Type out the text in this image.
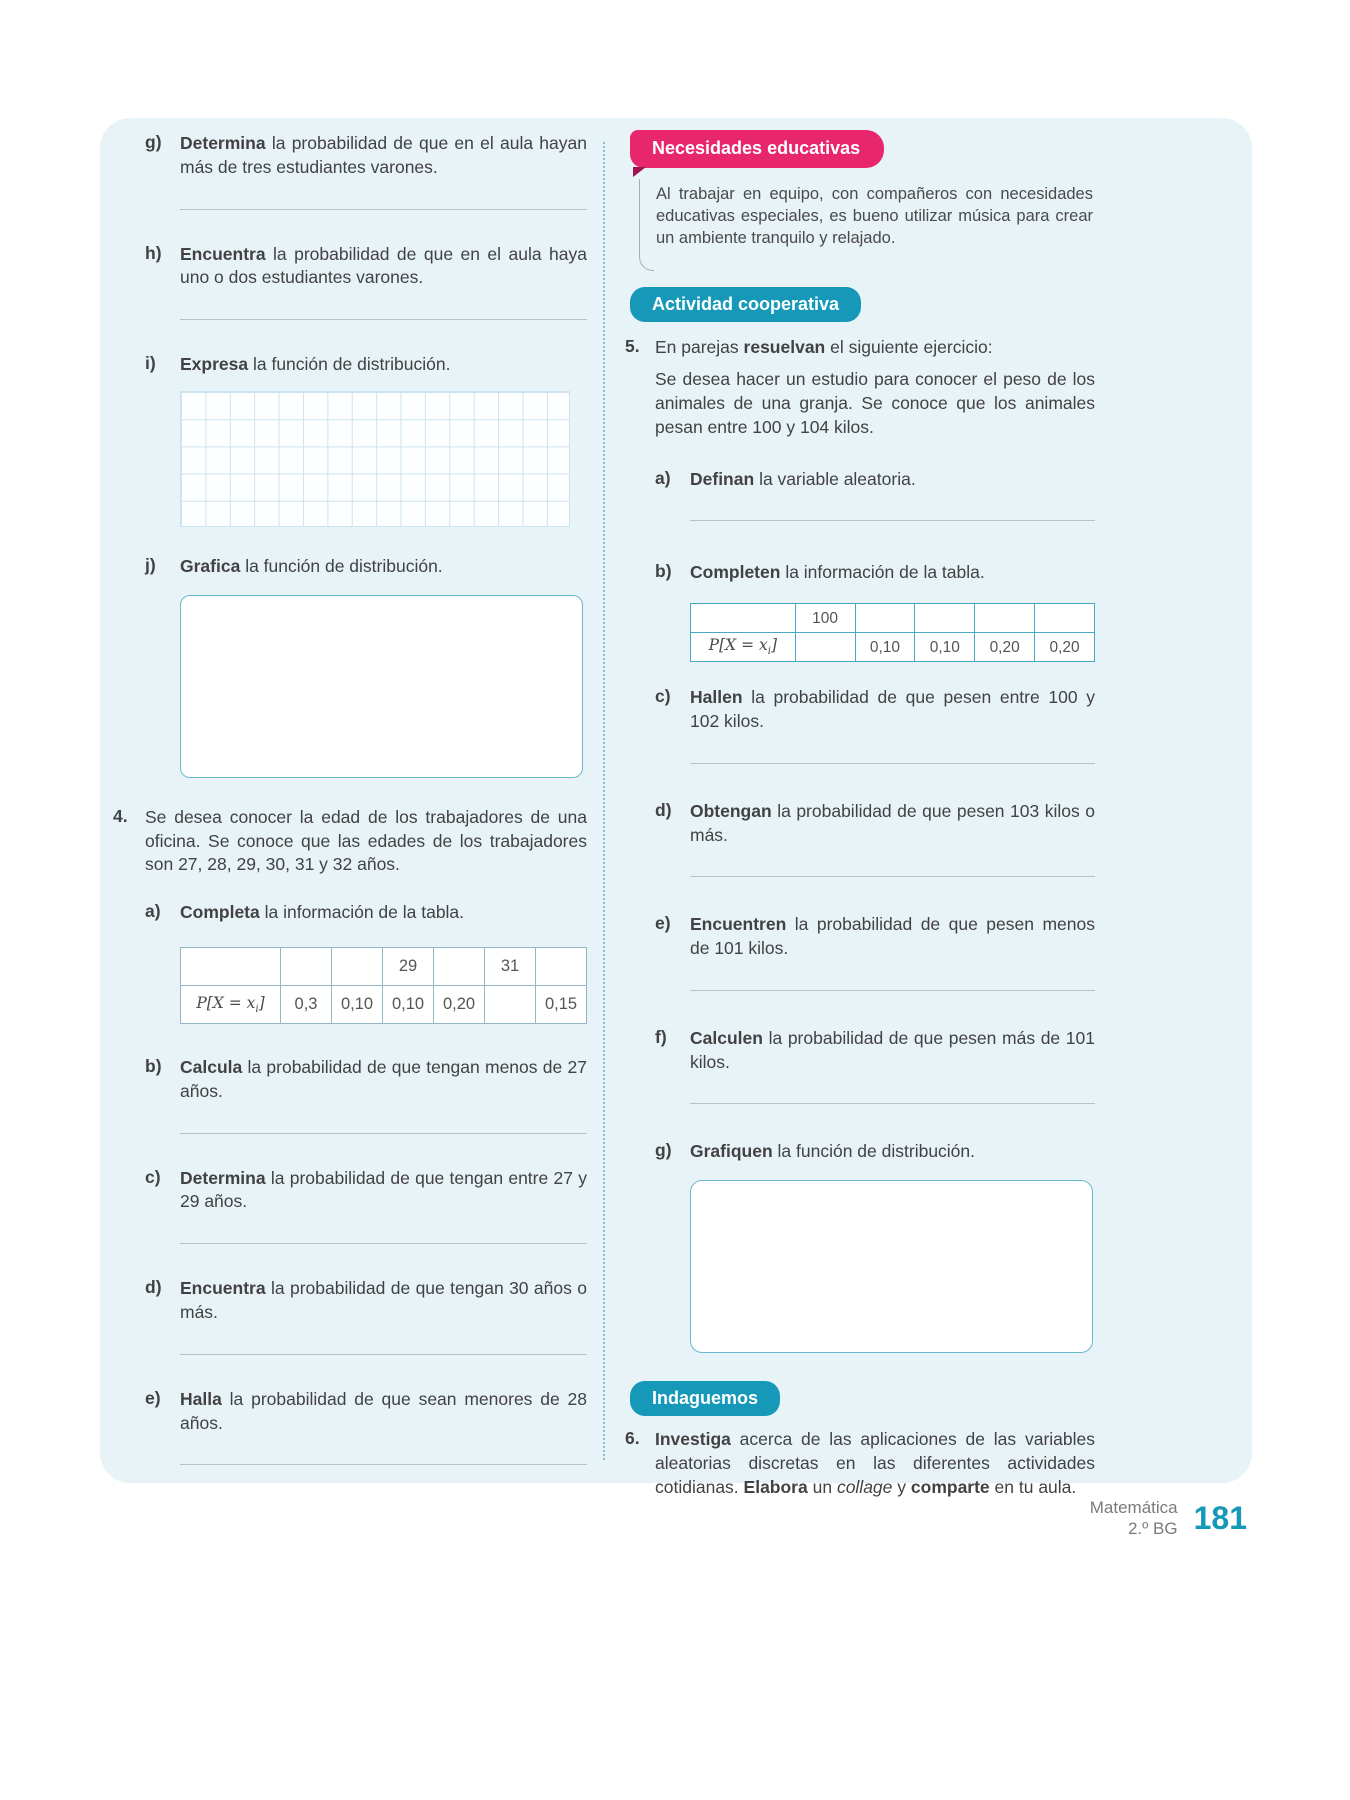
g)	Determina la probabilidad de que en el aula hayan más de tres estudiantes varones.

h)	Encuentra la probabilidad de que en el aula haya uno o dos estudiantes varones.

i)	Expresa la función de distribución.

j)	Grafica la función de distribución.

4. Se desea conocer la edad de los trabajadores de una oficina. Se conoce que las edades de los trabajadores son 27, 28, 29, 30, 31 y 32 años.

a)	Completa la información de la tabla.

			29		31	
$P[X = x_i]$	0,3	0,10	0,10	0,20		0,15
b)	Calcula la probabilidad de que tengan menos de 27 años.

c)	Determina la probabilidad de que tengan entre 27 y 29 años.

d)	Encuentra la probabilidad de que tengan 30 años o más.

e)	Halla la probabilidad de que sean menores de 28 años.

Necesidades educativas

Al trabajar en equipo, con compañeros con necesidades educativas especiales, es bueno utilizar música para crear un ambiente tranquilo y relajado.

Actividad cooperativa
5. En parejas resuelvan el siguiente ejercicio:

Se desea hacer un estudio para conocer el peso de los animales de una granja. Se conoce que los animales pesan entre 100 y 104 kilos.

a)	Definan la variable aleatoria.

b)	Completen la información de la tabla.

	100				
$P[X = x_i]$		0,10	0,10	0,20	0,20
c)	Hallen la probabilidad de que pesen entre 100 y 102 kilos.

d)	Obtengan la probabilidad de que pesen 103 kilos o más.

e)	Encuentren la probabilidad de que pesen menos de 101 kilos.

f)	Calculen la probabilidad de que pesen más de 101 kilos.

g)	Grafiquen la función de distribución.

Indaguemos
6. Investiga acerca de las aplicaciones de las variables aleatorias discretas en las diferentes actividades cotidianas. Elabora un collage y comparte en tu aula.

Matemática
2.º BG 181
